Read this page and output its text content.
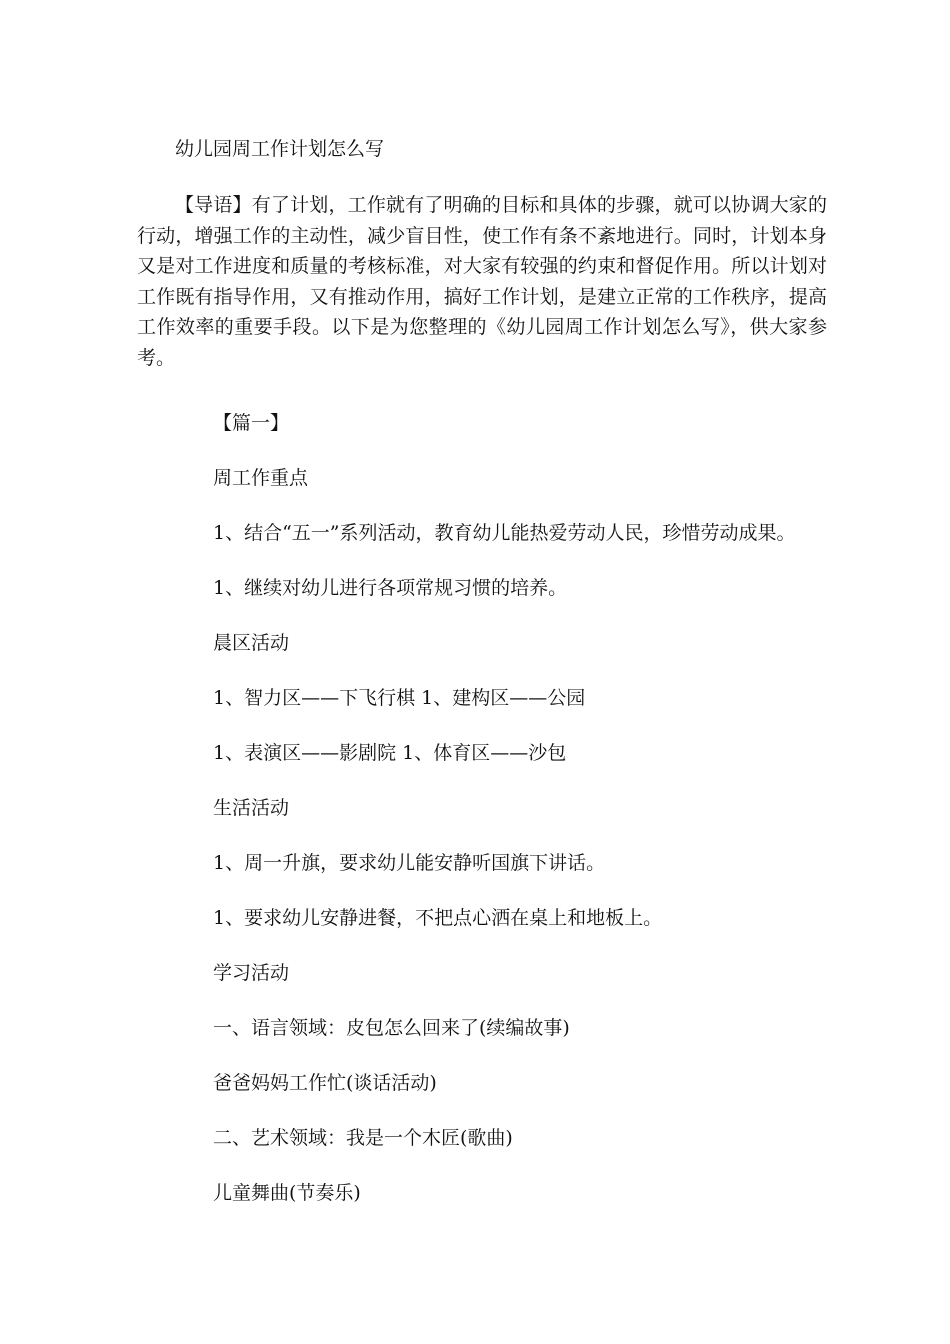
幼儿园周工作计划怎么写

【导语】有了计划，工作就有了明确的目标和具体的步骤，就可以协调大家的行动，增强工作的主动性，减少盲目性，使工作有条不紊地进行。同时，计划本身又是对工作进度和质量的考核标准，对大家有较强的约束和督促作用。所以计划对工作既有指导作用，又有推动作用，搞好工作计划，是建立正常的工作秩序，提高工作效率的重要手段。以下是为您整理的《幼儿园周工作计划怎么写》，供大家参考。

【篇一】

周工作重点

1、结合“五一”系列活动，教育幼儿能热爱劳动人民，珍惜劳动成果。

1、继续对幼儿进行各项常规习惯的培养。

晨区活动

1、智力区——下飞行棋 1、建构区——公园

1、表演区——影剧院 1、体育区——沙包

生活活动

1、周一升旗，要求幼儿能安静听国旗下讲话。

1、要求幼儿安静进餐，不把点心洒在桌上和地板上。

学习活动

一、语言领域：皮包怎么回来了(续编故事)

爸爸妈妈工作忙(谈话活动)

二、艺术领域：我是一个木匠(歌曲)

儿童舞曲(节奏乐)
